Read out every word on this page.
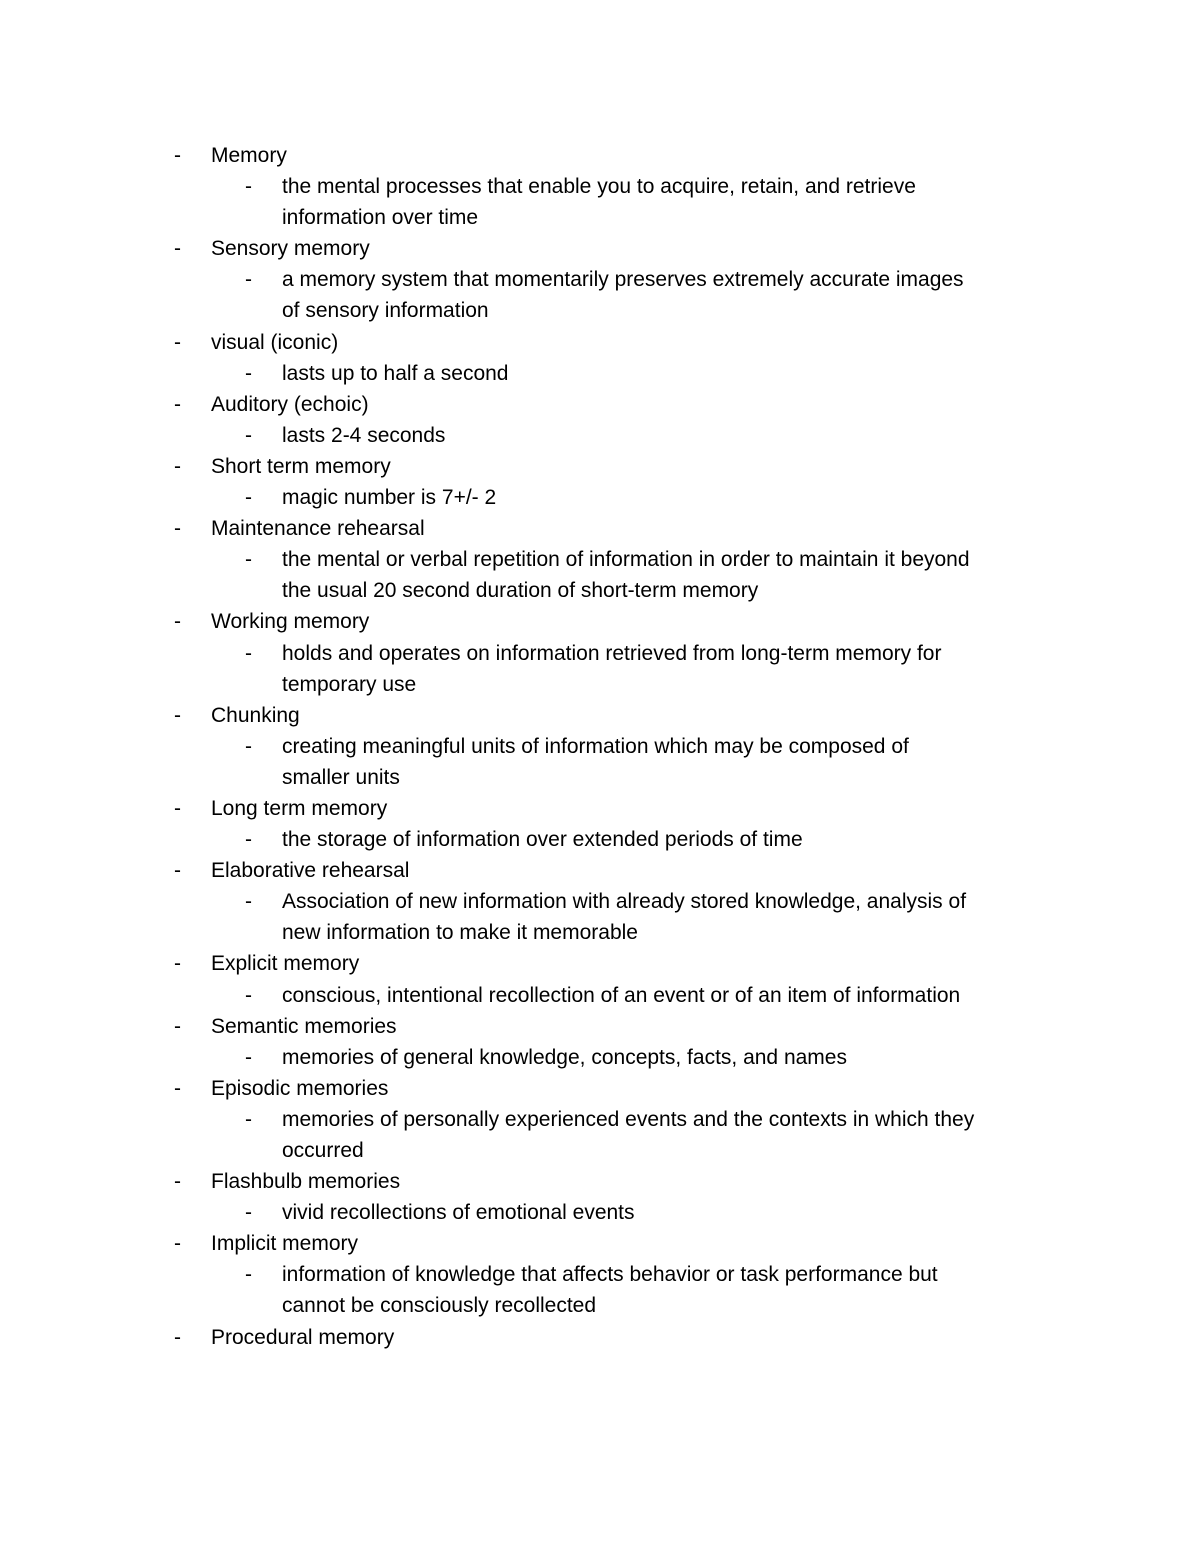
- Memory
- the mental processes that enable you to acquire, retain, and retrieve
information over time
- Sensory memory
- a memory system that momentarily preserves extremely accurate images
of sensory information
- visual (iconic)
- lasts up to half a second
- Auditory (echoic)
- lasts 2-4 seconds
- Short term memory
- magic number is 7+/- 2
- Maintenance rehearsal
- the mental or verbal repetition of information in order to maintain it beyond
the usual 20 second duration of short-term memory
- Working memory
- holds and operates on information retrieved from long-term memory for
temporary use
- Chunking
- creating meaningful units of information which may be composed of
smaller units
- Long term memory
- the storage of information over extended periods of time
- Elaborative rehearsal
- Association of new information with already stored knowledge, analysis of
new information to make it memorable
- Explicit memory
- conscious, intentional recollection of an event or of an item of information
- Semantic memories
- memories of general knowledge, concepts, facts, and names
- Episodic memories
- memories of personally experienced events and the contexts in which they
occurred
- Flashbulb memories
- vivid recollections of emotional events
- Implicit memory
- information of knowledge that affects behavior or task performance but
cannot be consciously recollected
- Procedural memory
